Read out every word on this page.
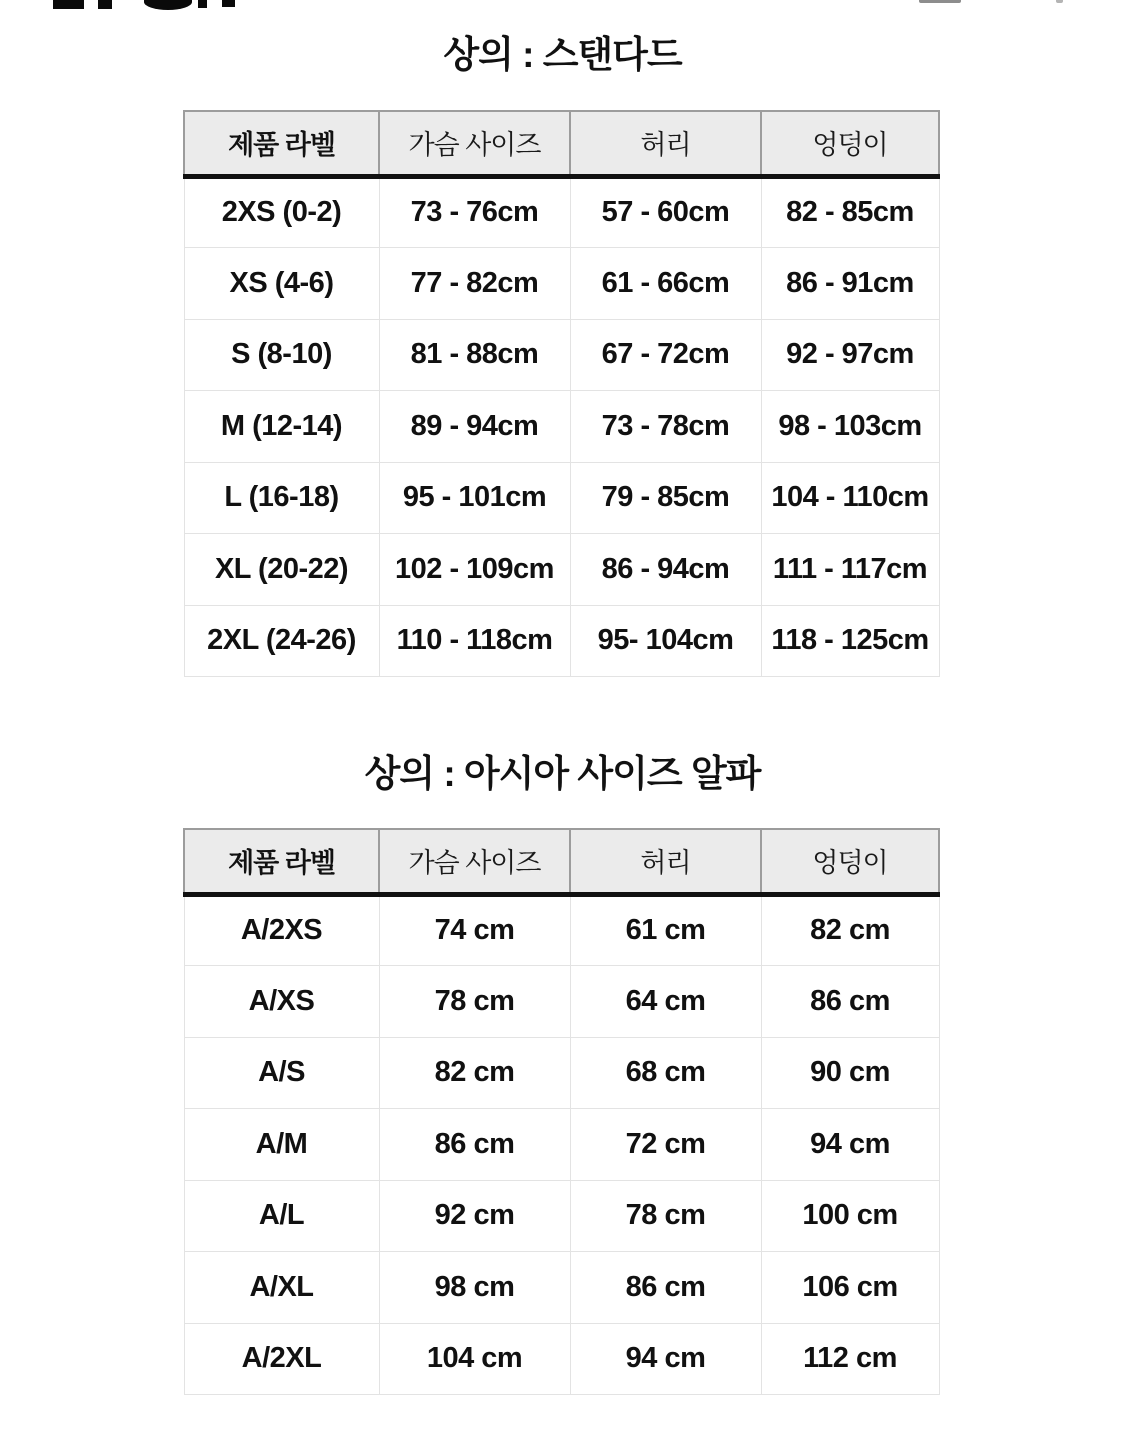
상의 : 스탠다드
제품 라벨	가슴 사이즈	허리	엉덩이
2XS (0-2)	73 - 76cm	57 - 60cm	82 - 85cm
XS (4-6)	77 - 82cm	61 - 66cm	86 - 91cm
S (8-10)	81 - 88cm	67 - 72cm	92 - 97cm
M (12-14)	89 - 94cm	73 - 78cm	98 - 103cm
L (16-18)	95 - 101cm	79 - 85cm	104 - 110cm
XL (20-22)	102 - 109cm	86 - 94cm	111 - 117cm
2XL (24-26)	110 - 118cm	95- 104cm	118 - 125cm
상의 : 아시아 사이즈 알파
제품 라벨	가슴 사이즈	허리	엉덩이
A/2XS	74 cm	61 cm	82 cm
A/XS	78 cm	64 cm	86 cm
A/S	82 cm	68 cm	90 cm
A/M	86 cm	72 cm	94 cm
A/L	92 cm	78 cm	100 cm
A/XL	98 cm	86 cm	106 cm
A/2XL	104 cm	94 cm	112 cm
